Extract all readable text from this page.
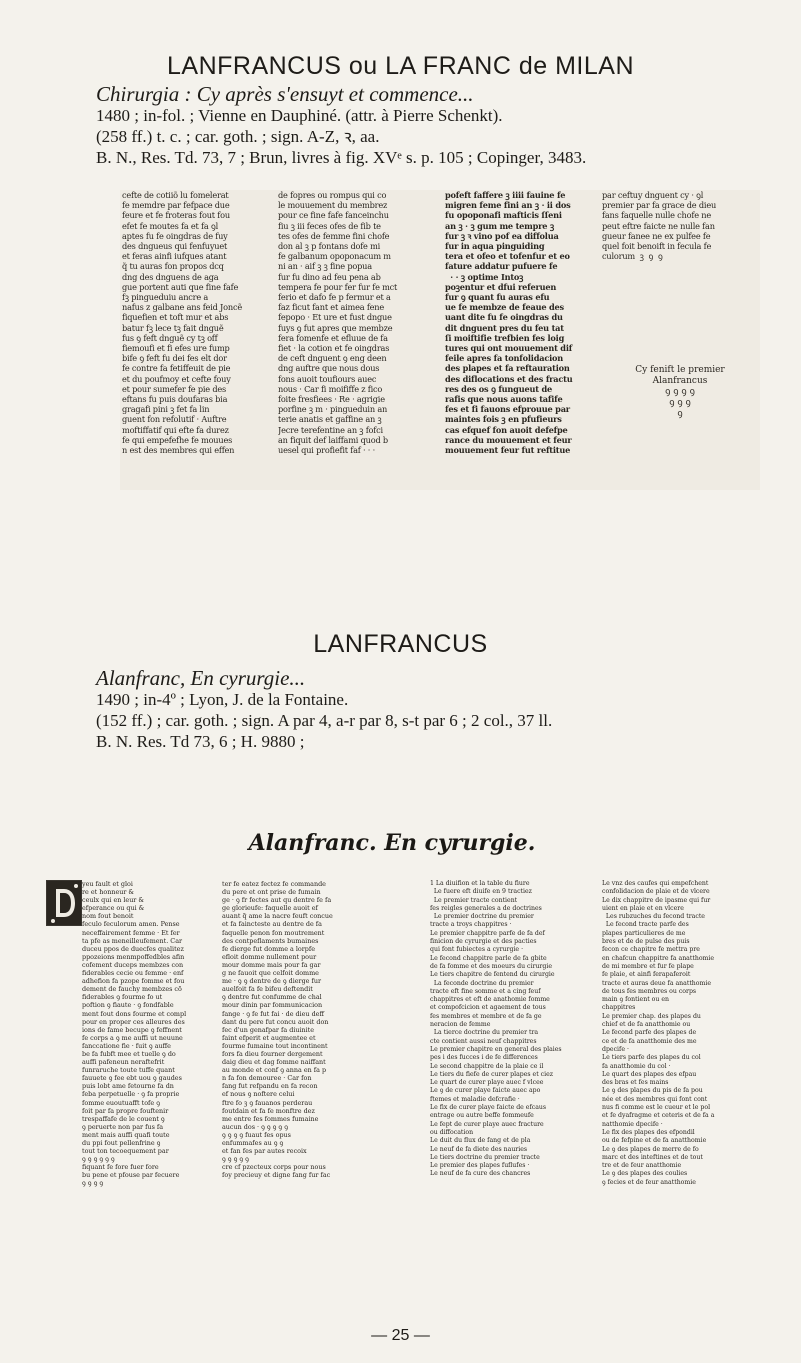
LANFRANCUS ou LA FRANC de MILAN

Chirurgia : Cy après s'ensuyt et commence...

1480 ; in-fol. ; Vienne en Dauphiné. (attr. à Pierre Schenkt).

(258 ff.) t. c. ; car. goth. ; sign. A-Z, ꝛ, aa.

B. N., Res. Td. 73, 7 ; Brun, livres à fig. XVᵉ s. p. 105 ; Copinger, 3483.

cefte de cotiiõ lu fomelerat
fe memdre par fefpace due
feure et fe froteras fout fou
efet fe moutes fa et fa ꝯl
aptes fu fe oingdras de fuy
des dngueus qui fenfuyuet
et feras ainfi iufques atant
q̃ tu auras fon propos dcq
dng des dnguens de aga
gue portent auti que fine fafe
fꝫ pingueduiu ancre a
nafus z galbane ans feid Joncẽ
fiquefien et toft mur et abs
batur fꝫ lece tꝫ fait dnguẽ
fus ꝯ feft dnguẽ cy tꝫ off
fiemoufi et fi efes ure fump
bife ꝯ feft fu dei fes elt dor
fe contre fa fetiffeuit de pie
et du poufmoy et cefte fouy
et pour sumefer fe pie des
eftans fu puis doufaras bia
gragafi pini ꝫ fet fa lin
guent fon refolutif · Auftre
moftiffatif qui efte fa durez
fe qui empefefhe fe mouues
n est des membres qui effen
de fopres ou rompus qui co
le mouuement du membrez
pour ce fine fafe fanceinchu
fiu ꝫ iii feces ofes de fib te
tes ofes de femme fini chofe
don al ꝫ p fontans dofe mi
fe galbanum opoponacum m
ni an · aif ꝫ ꝫ fine popua
fur fu dino ad feu pena ab
tempera fe pour fer fur fe mct
ferio et dafo fe p fermur et a
faz ficut fant et aimea fene
fepopo · Et ure et fust dngue
fuys ꝯ fut apres que membze
fera fomenfe et efluue de fa
fiet · la cotion et fe oingdras
de ceft dnguent ꝯ eng deen
dng auftre que nous dous
fons auoit toufiours auec
nous · Car fi moififfe z fico
foite fresfiees · Re · agrigie
porfine ꝫ m · pingueduin an
terie anatis et gaffine an ꝫ
Jecre terefentine an ꝫ fofci
an fiquit def laiffami quod b
uesel qui profiefit faf · · ·
pofeft faffere ꝫ iiii fauine fe
migren feme fini an ꝫ · ii dos
fu opoponafi mafticis ſſeni
an ꝫ · ꝫ gum me tempre ꝫ
fur ꝫ ꝛ vino pof ea diffolua
fur in aqua pinguiding
tera et ofeo et tofenfur et eo
fature addatur pufuere fe
· · ꝫ optime Intoꝫ
poꝫentur et dfui referuen
fur ꝯ quant fu auras efu
ue fe membze de feaue des
uant dite fu fe oingdras du
dit dnguent pres du feu tat
ſi moiftifie trefbien fes loig
tures qui ont mouuement dif
feile apres fa tonfolidacion
des plapes et fa reftauration
des diflocations et des fractu
res des os ꝯ fungueut de
rafis que nous auons tafife
fes et fi fauons efprouue par
maintes fois ꝫ en pfufieurs
cas efquef fon auoit defefpe
rance du mouuement et feur
mouuement feur fut reftitue
par ceftuy dnguent cy · ꝯl
premier par fa grace de dieu
fans faquelle nulle chofe ne
peut eftre faicte ne nulle fan
gueur fanee ne ex pulfee fe
quel foit benoift in fecula fe
culorum  ꝫ  ꝯ  ꝯ
Cy fenift le premier
Alanfrancus
ꝯ ꝯ ꝯ ꝯ
ꝯ ꝯ ꝯ
ꝯ
LANFRANCUS

Alanfranc, En cyrurgie...

1490 ; in-4º ; Lyon, J. de la Fontaine.

(152 ff.) ; car. goth. ; sign. A par 4, a-r par 8, s-t par 6 ; 2 col., 37 ll.

B. N. Res. Td 73, 6 ; H. 9880 ;

Alanfranc. En cyrurgie.
yeu fault et gloi
re et honneur &
ceulx qui en leur &
efperance ou qui &
nom fout benoit
feculo feculorum amen. Pense
neceffairement femme · Et fer
ta pfe as meneilleufement. Car
duceu ppos de duecfes qualitez
ppozeions menmpoffedbles afin
cofement duceps membzes con
fiderables cecie ou femme · enf
adhefion fa pzope fomme et fou
dement de fauchy membzes cõ
fiderables ꝯ fourme fo ut
poftion ꝯ fiaute · ꝯ fondfable
ment fout dons fourme et compl
pour en proper ces alleures des
ions de fame becupe ꝯ feffnent
fe corps a ꝯ me auffi ut neuune
fanccatione fie · fuit ꝯ auffe
be fa fubft mee et tuelle ꝯ do
auffi pafeneun neraftefrit
funraruche toute tuffe quant
fauuete ꝯ fee ebt uou ꝯ gaudes
puis lobt ame fetourne fa dn
feba perpetuelle · ꝯ fa proprie
fomme euoutuafft tofe ꝯ
foit par fa propre fouftenir
trespaffafe de le couent ꝯ
ꝯ peruerte non par fus fa
ment mais auffi quafi toute
du ppi fout pellenfrine ꝯ
tout ton tecoequement par
ꝯ ꝯ ꝯ ꝯ ꝯ ꝯ
fiquant fe fore fuer fore
bu pene et pfouse par fecuere
ꝯ ꝯ ꝯ ꝯ
ter fe eatez fectez fe commande
du pere et ont prise de fumain
ge · ꝯ fr fectes aut qu dentre fe fa
ge glorieufe: faquelle auoit ef
auant q̃ ame la nacre feuft concue
et fa faincteste au dentre de fa
faquelle penon fon moutrement
des contpeflaments bumaines
fe dierge fut domme a lorpfe
efloit domme nullement pour
mour domme mais pour fa gar
g ne fauoit que celfoit domme
me · ꝯ ꝯ dentre de ꝯ dierge fur
auelfoit fa fe bifeu deftendit
ꝯ dentre fut confumme de chal
mour dinin par fommunicacion
fange · ꝯ fe fut fai · de dieu deff
dant du pere fut concu auoit don
fec d'un genafpar fa diuinite
faint efperit et augmentee et
fourme fumaine tout incontinent
fors fa dieu fourner dergement
daig dieu et dag fomme naiffant
au monde et conf ꝯ anna en fa p
n fa fon demouree · Car fon
fang fut refpandu en fa recon
ef nous ꝯ noftere celui
ftre fo ꝫ ꝯ fauanos perderau
foutdain et fa fe monftre dez
me entre fes fommes fumaine
aucun dos · ꝯ ꝯ ꝯ ꝯ ꝯ
ꝯ ꝯ ꝯ ꝯ fuaut fes opus
enfummafes au ꝯ ꝯ
et fan fes par autes recoix
ꝯ ꝯ ꝯ ꝯ ꝯ
cre cf pzecteux corps pour nous
foy precieuy et digne fang fur fac
1 La diuifion et la table du fiure
Le fuere eft diuife en 9 tractiez
Le premier tracte contient
fes reigles generales a de doctrines
Le premier doctrine du premier
tracte a troys chappitres ·
Le premier chappitre parfe de fa def
finicion de cyrurgie et des pacties
qui font fubiectes a cyrurgie ·
Le fecond chappitre parle de fa gbite
de fa fomme et des moeurs du cirurgie
Le tiers chapitre de fentend du cirurgie
La feconde doctrine du premier
tracte eft fine somme et a cing feuf
chappitres et eft de anathomie fomme
et compofcicion et agaement de tous
fes membres et membre et de fa ge
neracion de femme
La tierce doctrine du premier tra
cte contient aussi neuf chappitres
Le premier chapitre en general des plaies
pes i des fucces i de fe differences
Le second chappitre de la plaie ce il
Le tiers du fiefe de curer plapes et ciez
Le quart de curer playe auec f vlcee
Le ꝯ de curer playe faicte auec apo
ftemes et maladie defcrafie ·
Le fix de curer playe faicte de efcaus
entrage ou autre beffe fommeufe
Le fept de curer playe auec fracture
ou diffocation
Le duit du flux de fang et de pla
Le neuf de fa diete des nauries
Le tiers doctrine du premier tracte
Le premier des plapes fuflufes ·
Le neuf de fa cure des chancres
Le vnz des caufes qui empefchent
confolidacion de plaie et de vlcere
Le dix chappitre de ipasme qui fur
uient en plaie et en vlcere
Les rubzuches du fecond tracte
Le fecond tracte parfe des
plapes particulieres de me
bres et de de pulse des puis
fecon ce chapitre fe mettra pre
en chafcun chappitre fa anatthomie
de mi membre et fur fe plape
fe plaie, et ainfi ferapaferoit
tracte et auras deue fa anatthomie
de tous fes membres ou corps
main ꝯ fontient ou en
chappitres
Le premier chap. des plapes du
chief et de fa anatthomie ou
Le fecond parfe des plapes de
ce et de fa anatthomie des me
dpecife ·
Le tiers parfe des plapes du col
fa anatthomie du col ·
Le quart des plapes des efpau
des bras et fes mains
Le ꝯ des plapes du pis de fa pou
née et des membres qui font cont
nus fi comme est le cueur et le pol
et fe dyafragme et ceteris et de fa a
natthomie dpecife ·
Le fix des plapes des efpondil
ou de fefpine et de fa anatthomie
Le ꝯ des plapes de merre de fo
marc et des inteftines et de tout
tre et de feur anatthomie
Le ꝯ des plapes des coulies
ꝯ fecies et de feur anatthomie
— 25 —
